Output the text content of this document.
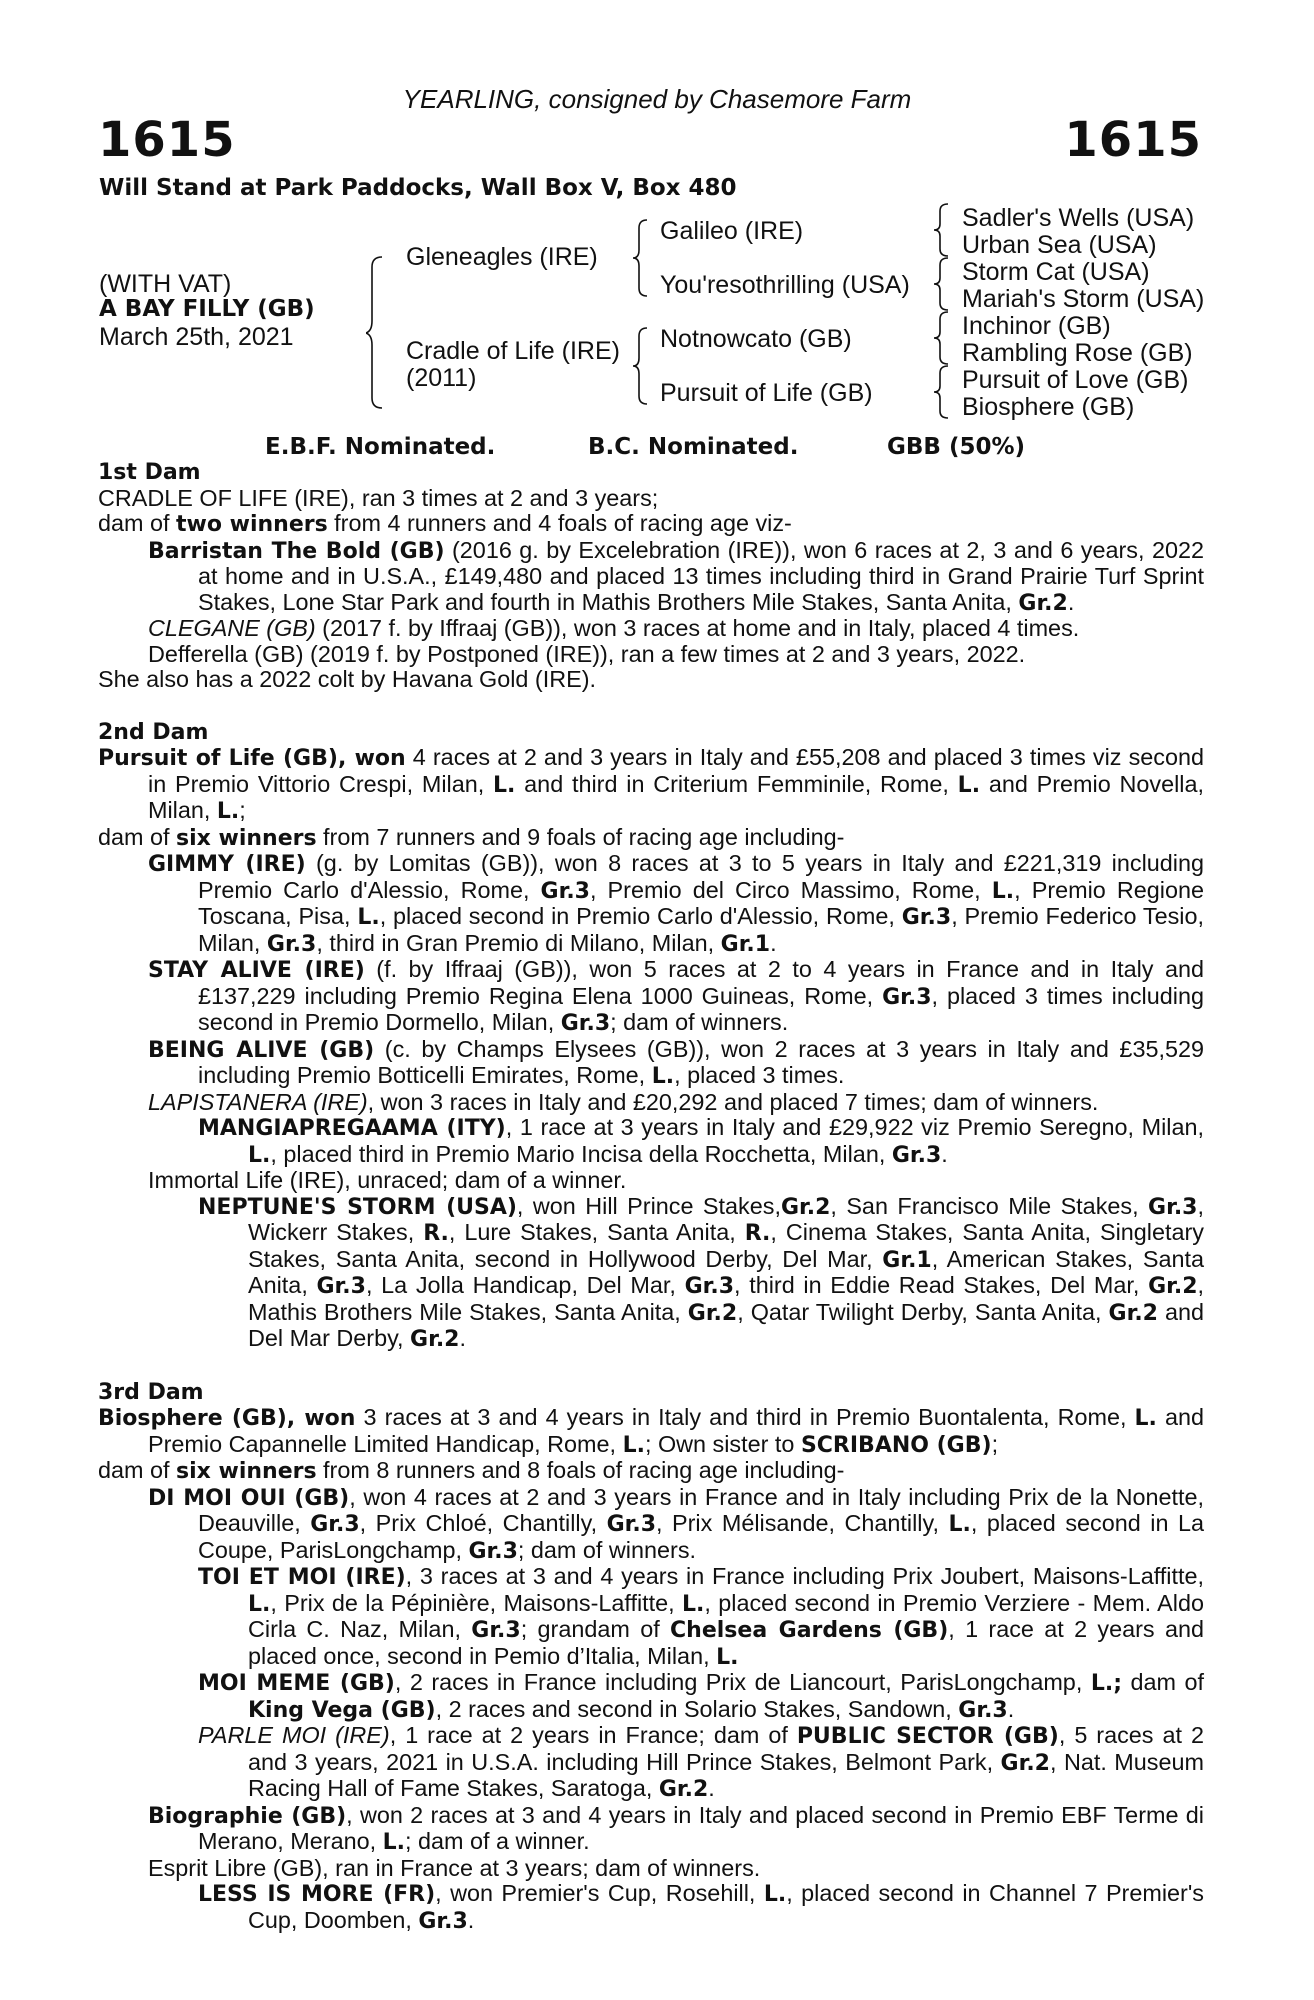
YEARLING, consigned by Chasemore Farm
1615	1615
Will Stand at Park Paddocks, Wall Box V, Box 480
(WITH VAT)
A BAY FILLY (GB)
March 25th, 2021
Gleneagles (IRE)
Cradle of Life (IRE)
(2011)
Galileo (IRE)
You'resothrilling (USA)
Notnowcato (GB)
Pursuit of Life (GB)
Sadler's Wells (USA)
Urban Sea (USA)
Storm Cat (USA)
Mariah's Storm (USA)
Inchinor (GB)
Rambling Rose (GB)
Pursuit of Love (GB)
Biosphere (GB)
E.B.F. Nominated.	B.C. Nominated.	GBB (50%)

1st Dam

CRADLE OF LIFE (IRE), ran 3 times at 2 and 3 years;

dam of two winners from 4 runners and 4 foals of racing age viz-

Barristan The Bold (GB) (2016 g. by Excelebration (IRE)), won 6 races at 2, 3 and 6 years, 2022 at home and in U.S.A., £149,480 and placed 13 times including third in Grand Prairie Turf Sprint Stakes, Lone Star Park and fourth in Mathis Brothers Mile Stakes, Santa Anita, Gr.2.

CLEGANE (GB) (2017 f. by Iffraaj (GB)), won 3 races at home and in Italy, placed 4 times.

Defferella (GB) (2019 f. by Postponed (IRE)), ran a few times at 2 and 3 years, 2022.

She also has a 2022 colt by Havana Gold (IRE).

2nd Dam

Pursuit of Life (GB), won 4 races at 2 and 3 years in Italy and £55,208 and placed 3 times viz second in Premio Vittorio Crespi, Milan, L. and third in Criterium Femminile, Rome, L. and Premio Novella, Milan, L.;

dam of six winners from 7 runners and 9 foals of racing age including-

GIMMY (IRE) (g. by Lomitas (GB)), won 8 races at 3 to 5 years in Italy and £221,319 including Premio Carlo d'Alessio, Rome, Gr.3, Premio del Circo Massimo, Rome, L., Premio Regione Toscana, Pisa, L., placed second in Premio Carlo d'Alessio, Rome, Gr.3, Premio Federico Tesio, Milan, Gr.3, third in Gran Premio di Milano, Milan, Gr.1.

STAY ALIVE (IRE) (f. by Iffraaj (GB)), won 5 races at 2 to 4 years in France and in Italy and £137,229 including Premio Regina Elena 1000 Guineas, Rome, Gr.3, placed 3 times including second in Premio Dormello, Milan, Gr.3; dam of winners.

BEING ALIVE (GB) (c. by Champs Elysees (GB)), won 2 races at 3 years in Italy and £35,529 including Premio Botticelli Emirates, Rome, L., placed 3 times.

LAPISTANERA (IRE), won 3 races in Italy and £20,292 and placed 7 times; dam of winners.

MANGIAPREGAAMA (ITY), 1 race at 3 years in Italy and £29,922 viz Premio Seregno, Milan, L., placed third in Premio Mario Incisa della Rocchetta, Milan, Gr.3.

Immortal Life (IRE), unraced; dam of a winner.

NEPTUNE'S STORM (USA), won Hill Prince Stakes,Gr.2, San Francisco Mile Stakes, Gr.3, Wickerr Stakes, R., Lure Stakes, Santa Anita, R., Cinema Stakes, Santa Anita, Singletary Stakes, Santa Anita, second in Hollywood Derby, Del Mar, Gr.1, American Stakes, Santa Anita, Gr.3, La Jolla Handicap, Del Mar, Gr.3, third in Eddie Read Stakes, Del Mar, Gr.2, Mathis Brothers Mile Stakes, Santa Anita, Gr.2, Qatar Twilight Derby, Santa Anita, Gr.2 and Del Mar Derby, Gr.2.

3rd Dam

Biosphere (GB), won 3 races at 3 and 4 years in Italy and third in Premio Buontalenta, Rome, L. and Premio Capannelle Limited Handicap, Rome, L.; Own sister to SCRIBANO (GB);

dam of six winners from 8 runners and 8 foals of racing age including-

DI MOI OUI (GB), won 4 races at 2 and 3 years in France and in Italy including Prix de la Nonette, Deauville, Gr.3, Prix Chloé, Chantilly, Gr.3, Prix Mélisande, Chantilly, L., placed second in La Coupe, ParisLongchamp, Gr.3; dam of winners.

TOI ET MOI (IRE), 3 races at 3 and 4 years in France including Prix Joubert, Maisons-Laffitte, L., Prix de la Pépinière, Maisons-Laffitte, L., placed second in Premio Verziere - Mem. Aldo Cirla C. Naz, Milan, Gr.3; grandam of Chelsea Gardens (GB), 1 race at 2 years and placed once, second in Pemio d’Italia, Milan, L.

MOI MEME (GB), 2 races in France including Prix de Liancourt, ParisLongchamp, L.; dam of King Vega (GB), 2 races and second in Solario Stakes, Sandown, Gr.3.

PARLE MOI (IRE), 1 race at 2 years in France; dam of PUBLIC SECTOR (GB), 5 races at 2 and 3 years, 2021 in U.S.A. including Hill Prince Stakes, Belmont Park, Gr.2, Nat. Museum Racing Hall of Fame Stakes, Saratoga, Gr.2.

Biographie (GB), won 2 races at 3 and 4 years in Italy and placed second in Premio EBF Terme di Merano, Merano, L.; dam of a winner.

Esprit Libre (GB), ran in France at 3 years; dam of winners.

LESS IS MORE (FR), won Premier's Cup, Rosehill, L., placed second in Channel 7 Premier's Cup, Doomben, Gr.3.
